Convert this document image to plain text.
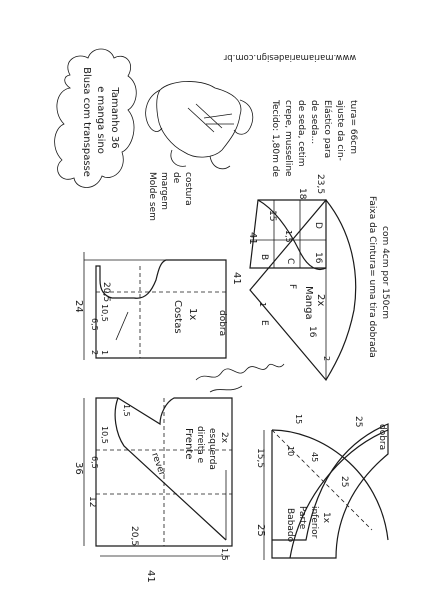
www.mariamariadesign.com.br
Blusa com transpasse e manga sino Tamanho 36	Tecido: 1,80m de crepe, musseline de seda, cetim de seda... Elástico para ajuste da cin- tura= 66cm
Molde sem margem de costura
Costas 1x dobra
41
20,5
24
6,5
10,5
2 1
Frente direita e esquerda 2x
rever
41
20,5
36
12
6,5
10,5
1,5
1,5
Manga 2x
41
23,5
15
18
16
16
1,5
B
C
D
E
F
1
2
Faixa da Cintura= uma tira dobrada com 4cm por 150cm
Babado Parte inferior 1x
dobra
25
15,5
25
25
10
45
15
